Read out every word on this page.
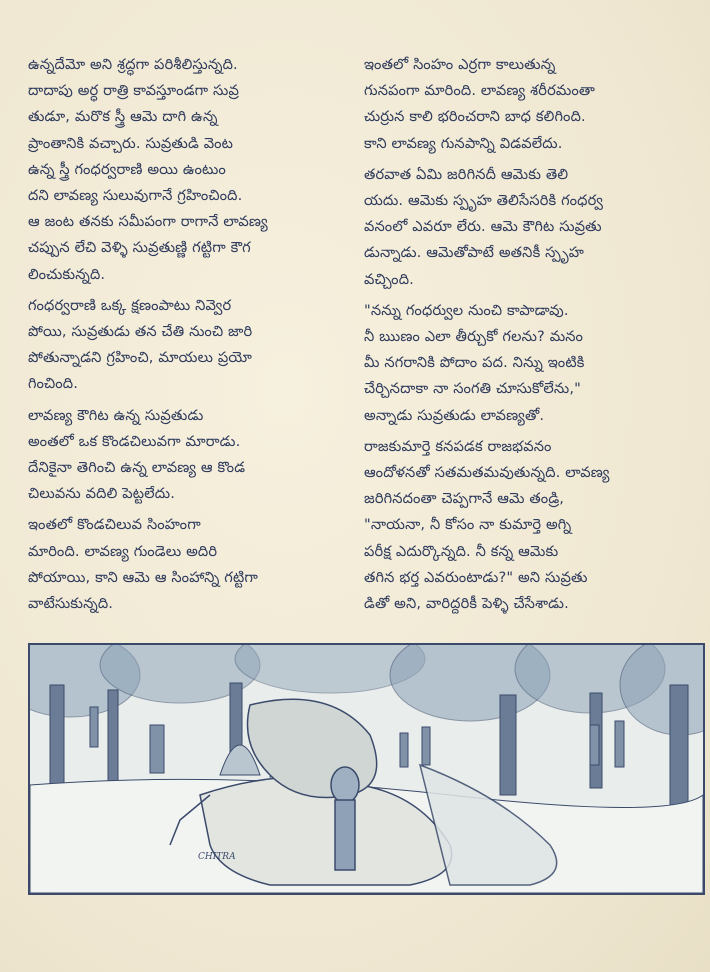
ఉన్నదేమో అని శ్రద్ధగా పరిశీలిస్తున్నది.
దాదాపు అర్ధ రాత్రి కావస్తూండగా సువ్ర
తుడూ, మరొక స్త్రీ ఆమె దాగి ఉన్న
ప్రాంతానికి వచ్చారు. సువ్రతుడి వెంట
ఉన్న స్త్రీ గంధర్వరాణి అయి ఉంటుం
దని లావణ్య సులువుగానే గ్రహించింది.
ఆ జంట తనకు సమీపంగా రాగానే లావణ్య
చప్పున లేచి వెళ్ళి సువ్రతుణ్ణి గట్టిగా కౌగ
లించుకున్నది.

గంధర్వరాణి ఒక్క క్షణంపాటు నివ్వెర
పోయి, సువ్రతుడు తన చేతి నుంచి జారి
పోతున్నాడని గ్రహించి, మాయలు ప్రయో
గించింది.

లావణ్య కౌగిట ఉన్న సువ్రతుడు
అంతలో ఒక కొండచిలువగా మారాడు.
దేనికైనా తెగించి ఉన్న లావణ్య ఆ కొండ
చిలువను వదిలి పెట్టలేదు.

ఇంతలో కొండచిలువ సింహంగా
మారింది. లావణ్య గుండెలు అదిరి
పోయాయి, కాని ఆమె ఆ సింహాన్ని గట్టిగా
వాటేసుకున్నది.

ఇంతలో సింహం ఎర్రగా కాలుతున్న
గునపంగా మారింది. లావణ్య శరీరమంతా
చుర్రున కాలి భరించరాని బాధ కలిగింది.
కాని లావణ్య గునపాన్ని విడవలేదు.

తరవాత ఏమి జరిగినదీ ఆమెకు తెలి
యదు. ఆమెకు స్పృహ తెలిసేసరికి గంధర్వ
వనంలో ఎవరూ లేరు. ఆమె కౌగిట సువ్రతు
డున్నాడు. ఆమెతోపాటే అతనికీ స్పృహ
వచ్చింది.

"నన్ను గంధర్వుల నుంచి కాపాడావు.
నీ ఋణం ఎలా తీర్చుకో గలను? మనం
మీ నగరానికి పోదాం పద. నిన్ను ఇంటికి
చేర్చినదాకా నా సంగతి చూసుకోలేను,"
అన్నాడు సువ్రతుడు లావణ్యతో.

రాజకుమార్తె కనపడక రాజభవనం
ఆందోళనతో సతమతమవుతున్నది. లావణ్య
జరిగినదంతా చెప్పగానే ఆమె తండ్రి,
"నాయనా, నీ కోసం నా కుమార్తె అగ్ని
పరీక్ష ఎదుర్కొన్నది. నీ కన్న ఆమెకు
తగిన భర్త ఎవరుంటాడు?" అని సువ్రతు
డితో అని, వారిద్దరికీ పెళ్ళి చేసేశాడు.

CHITRA
